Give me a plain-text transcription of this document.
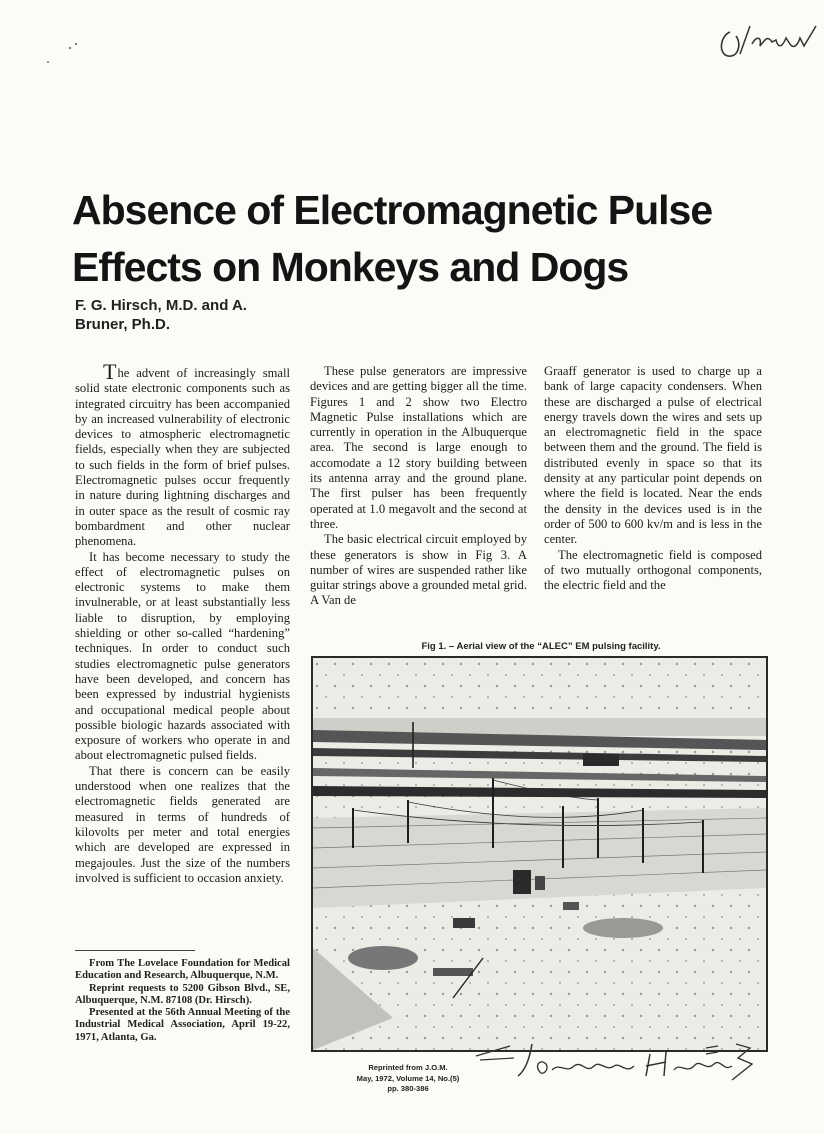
Absence of Electromagnetic Pulse
Effects on Monkeys and Dogs
F. G. Hirsch, M.D. and A.
Bruner, Ph.D.

The advent of increasingly small solid state electronic components such as integrated circuitry has been accompanied by an increased vulnerability of electronic devices to atmospheric electromagnetic fields, especially when they are subjected to such fields in the form of brief pulses. Electromagnetic pulses occur frequently in nature during lightning discharges and in outer space as the result of cosmic ray bombardment and other nuclear phenomena.

It has become necessary to study the effect of electromagnetic pulses on electronic systems to make them invulnerable, or at least substantially less liable to disruption, by employing shielding or other so-called “hardening” techniques. In order to conduct such studies electromagnetic pulse generators have been developed, and concern has been expressed by industrial hygienists and occupational medical people about possible biologic hazards associated with exposure of workers who operate in and about electromagnetic pulsed fields.

That there is concern can be easily understood when one realizes that the electromagnetic fields generated are measured in terms of hundreds of kilovolts per meter and total energies which are developed are expressed in megajoules. Just the size of the numbers involved is sufficient to occasion anxiety.

From The Lovelace Foundation for Medical Education and Research, Albuquerque, N.M.

Reprint requests to 5200 Gibson Blvd., SE, Albuquerque, N.M. 87108 (Dr. Hirsch).

Presented at the 56th Annual Meeting of the Industrial Medical Association, April 19-22, 1971, Atlanta, Ga.

These pulse generators are impressive devices and are getting bigger all the time. Figures 1 and 2 show two Electro Magnetic Pulse installations which are currently in operation in the Albuquerque area. The second is large enough to accomodate a 12 story building between its antenna array and the ground plane. The first pulser has been frequently operated at 1.0 megavolt and the second at three.

The basic electrical circuit employed by these generators is show in Fig 3. A number of wires are suspended rather like guitar strings above a grounded metal grid. A Van de

Graaff generator is used to charge up a bank of large capacity condensers. When these are discharged a pulse of electrical energy travels down the wires and sets up an electromagnetic field in the space between them and the ground. The field is distributed evenly in space so that its density at any particular point depends on where the field is located. Near the ends the density in the devices used is in the order of 500 to 600 kv/m and is less in the center.

The electromagnetic field is composed of two mutually orthogonal components, the electric field and the

Fig 1. – Aerial view of the “ALEC” EM pulsing facility.
Reprinted from J.O.M.
May, 1972, Volume 14, No.(5)
pp. 380-386
